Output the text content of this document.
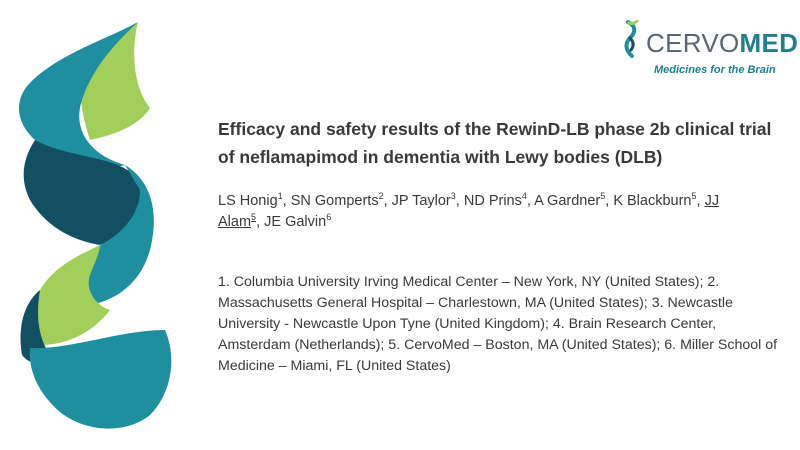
CERVOMED
Medicines for the Brain
Efficacy and safety results of the RewinD-LB phase 2b clinical trial
of neflamapimod in dementia with Lewy bodies (DLB)
LS Honig$^1$, SN Gomperts$^2$, JP Taylor$^3$, ND Prins$^4$, A Gardner$^5$, K Blackburn$^5$, JJ Alam$^5$, JE Galvin$^6$
1. Columbia University Irving Medical Center – New York, NY (United States); 2. Massachusetts General Hospital – Charlestown, MA (United States); 3. Newcastle University - Newcastle Upon Tyne (United Kingdom); 4. Brain Research Center, Amsterdam (Netherlands); 5. CervoMed – Boston, MA (United States); 6. Miller School of Medicine – Miami, FL (United States)
